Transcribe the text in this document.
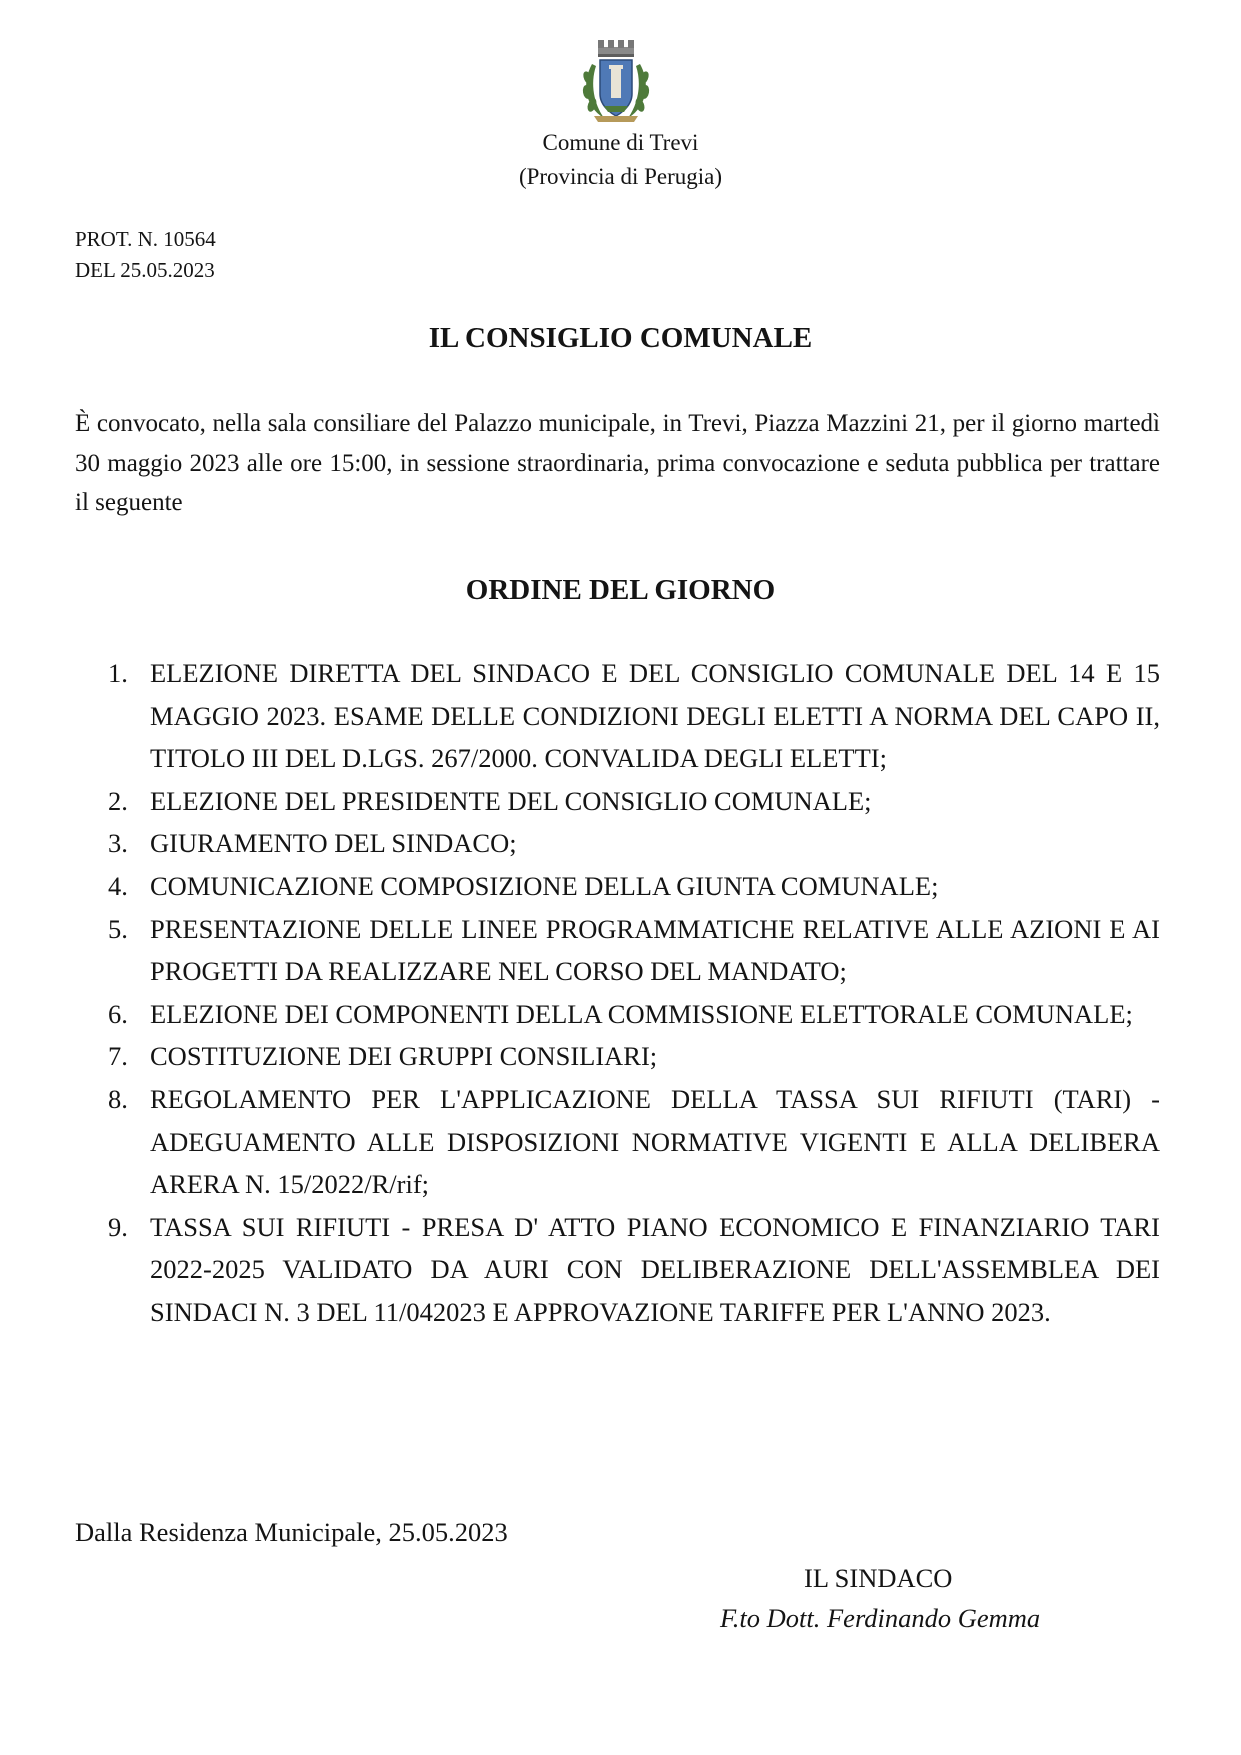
Comune di Trevi
(Provincia di Perugia)
PROT. N. 10564
DEL 25.05.2023
IL CONSIGLIO COMUNALE

È convocato, nella sala consiliare del Palazzo municipale, in Trevi, Piazza Mazzini 21, per il giorno martedì 30 maggio 2023 alle ore 15:00, in sessione straordinaria, prima convocazione e seduta pubblica per trattare il seguente

ORDINE DEL GIORNO
1. ELEZIONE DIRETTA DEL SINDACO E DEL CONSIGLIO COMUNALE DEL 14 E 15 MAGGIO 2023. ESAME DELLE CONDIZIONI DEGLI ELETTI A NORMA DEL CAPO II, TITOLO III DEL D.LGS. 267/2000. CONVALIDA DEGLI ELETTI;
2. ELEZIONE DEL PRESIDENTE DEL CONSIGLIO COMUNALE;
3. GIURAMENTO DEL SINDACO;
4. COMUNICAZIONE COMPOSIZIONE DELLA GIUNTA COMUNALE;
5. PRESENTAZIONE DELLE LINEE PROGRAMMATICHE RELATIVE ALLE AZIONI E AI PROGETTI DA REALIZZARE NEL CORSO DEL MANDATO;
6. ELEZIONE DEI COMPONENTI DELLA COMMISSIONE ELETTORALE COMUNALE;
7. COSTITUZIONE DEI GRUPPI CONSILIARI;
8. REGOLAMENTO PER L'APPLICAZIONE DELLA TASSA SUI RIFIUTI (TARI) - ADEGUAMENTO ALLE DISPOSIZIONI NORMATIVE VIGENTI E ALLA DELIBERA ARERA N. 15/2022/R/rif;
9. TASSA SUI RIFIUTI - PRESA D' ATTO PIANO ECONOMICO E FINANZIARIO TARI 2022-2025 VALIDATO DA AURI CON DELIBERAZIONE DELL'ASSEMBLEA DEI SINDACI N. 3 DEL 11/042023 E APPROVAZIONE TARIFFE PER L'ANNO 2023.
Dalla Residenza Municipale, 25.05.2023
IL SINDACO
F.to Dott. Ferdinando Gemma
